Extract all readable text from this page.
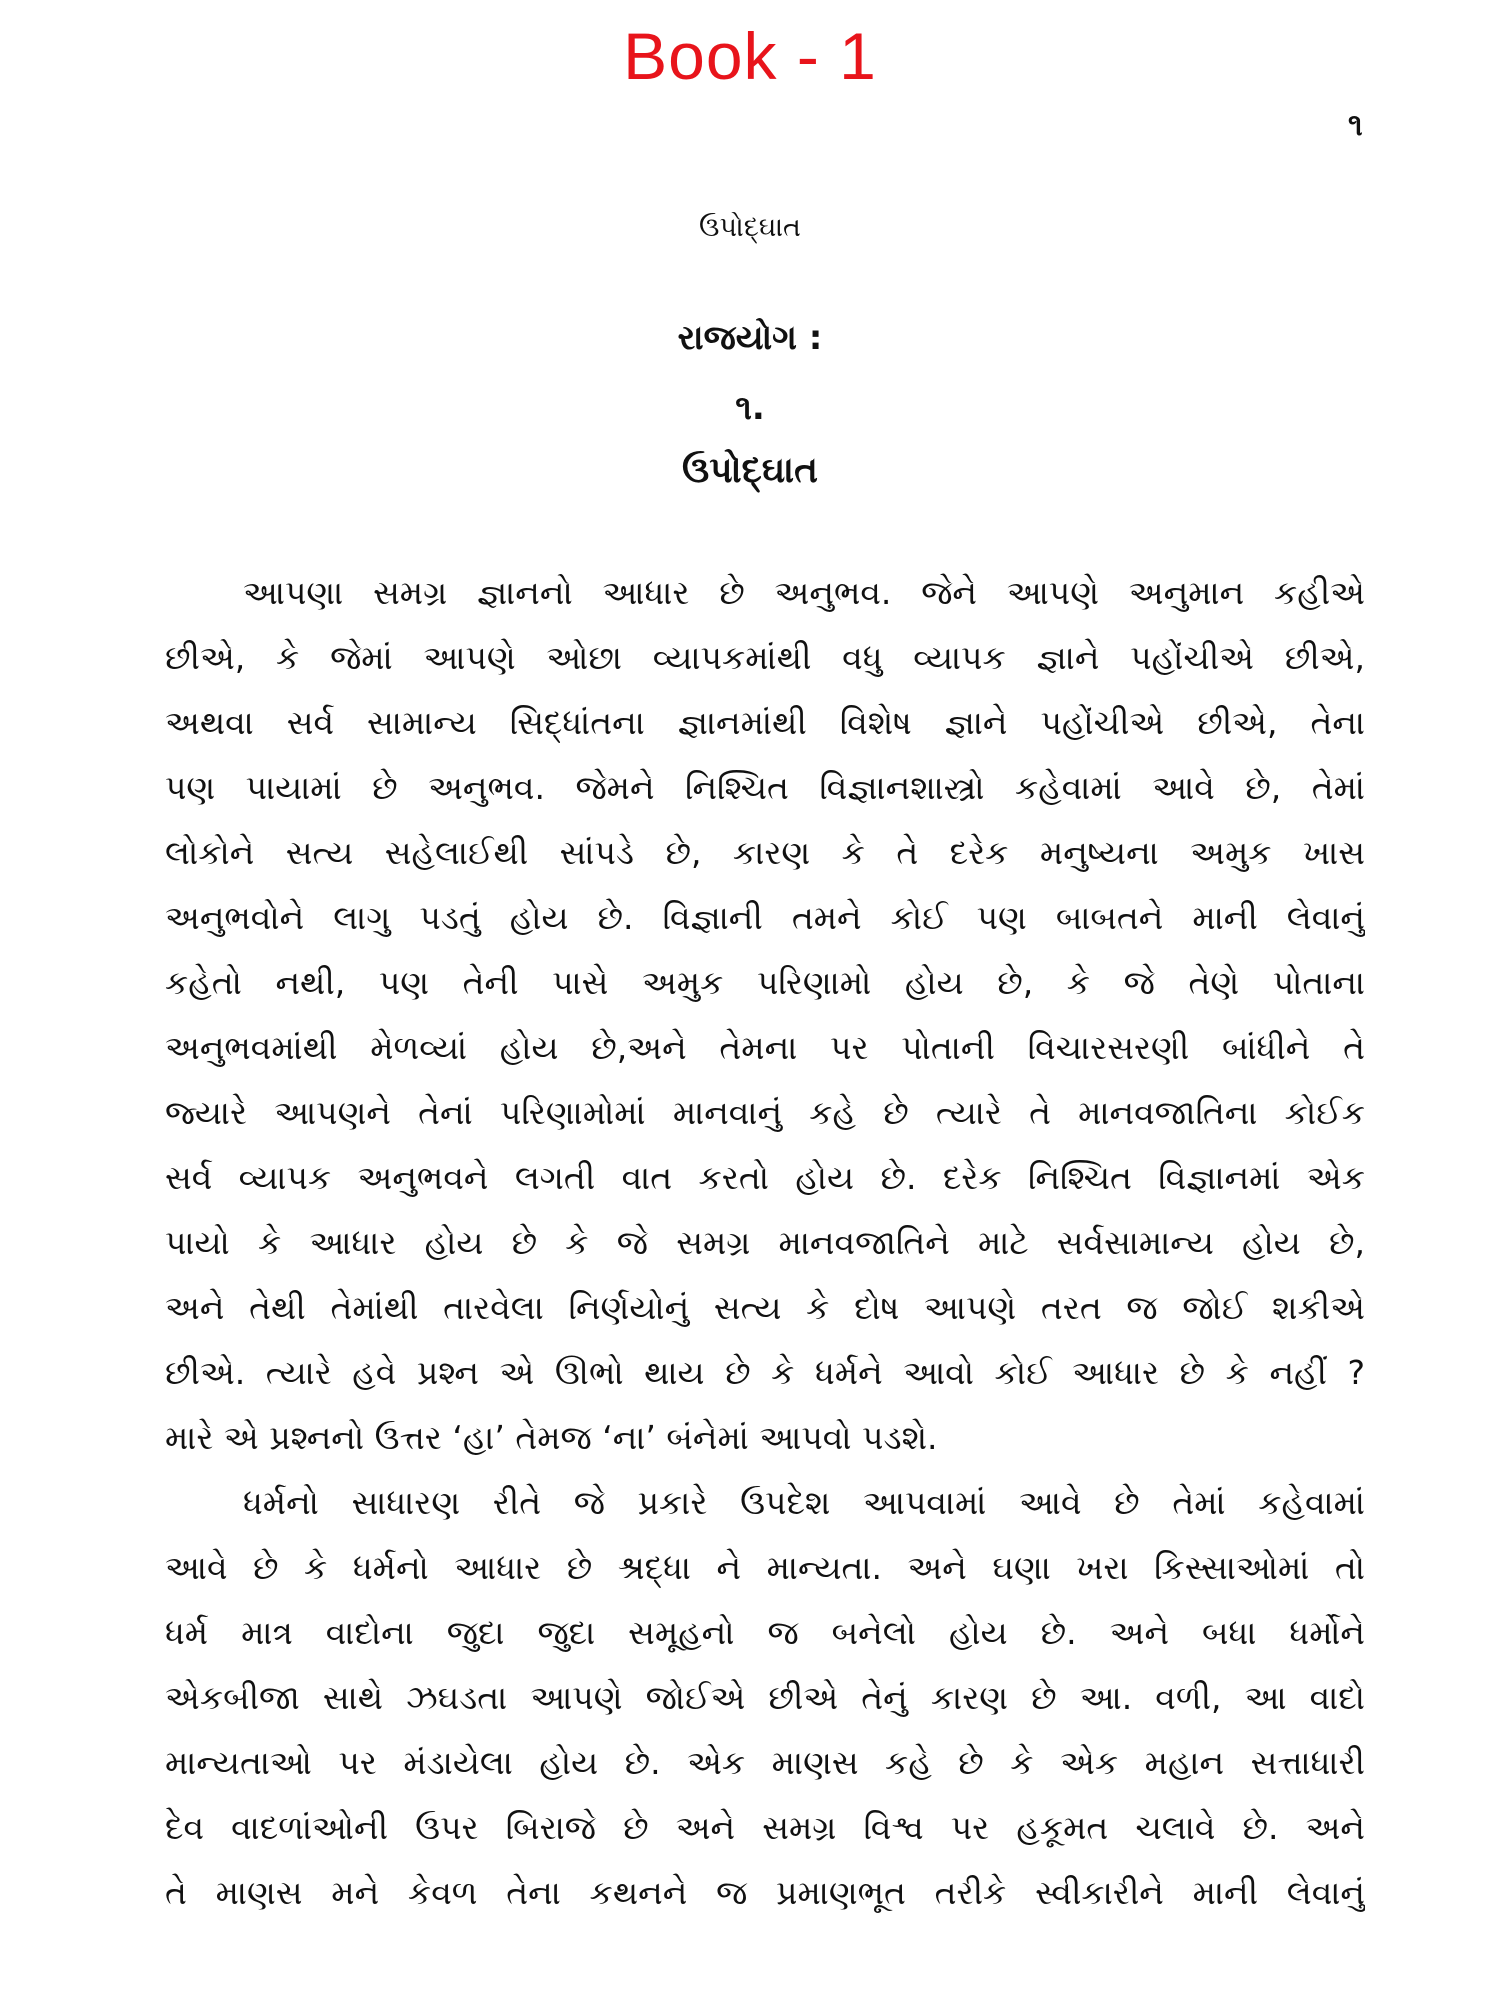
Book - 1
૧
ઉપોદ્‌ઘાત
રાજયોગ :
૧.
ઉપોદ્‌ઘાત
આપણા સમગ્ર જ્ઞાનનો આધાર છે અનુભવ. જેને આપણે અનુમાન કહીએ
છીએ, કે જેમાં આપણે ઓછા વ્યાપકમાંથી વધુ વ્યાપક જ્ઞાને પહોંચીએ છીએ,
અથવા સર્વ સામાન્ય સિદ્ધાંતના જ્ઞાનમાંથી વિશેષ જ્ઞાને પહોંચીએ છીએ, તેના
પણ પાયામાં છે અનુભવ. જેમને નિશ્ચિત વિજ્ઞાનશાસ્ત્રો કહેવામાં આવે છે, તેમાં
લોકોને સત્ય સહેલાઈથી સાંપડે છે, કારણ કે તે દરેક મનુષ્યના અમુક ખાસ
અનુભવોને લાગુ પડતું હોય છે. વિજ્ઞાની તમને કોઈ પણ બાબતને માની લેવાનું
કહેતો નથી, પણ તેની પાસે અમુક પરિણામો હોય છે, કે જે તેણે પોતાના
અનુભવમાંથી મેળવ્યાં હોય છે,અને તેમના પર પોતાની વિચારસરણી બાંધીને તે
જ્યારે આપણને તેનાં પરિણામોમાં માનવાનું કહે છે ત્યારે તે માનવજાતિના કોઈક
સર્વ વ્યાપક અનુભવને લગતી વાત કરતો હોય છે. દરેક નિશ્ચિત વિજ્ઞાનમાં એક
પાયો કે આધાર હોય છે કે જે સમગ્ર માનવજાતિને માટે સર્વસામાન્ય હોય છે,
અને તેથી તેમાંથી તારવેલા નિર્ણયોનું સત્ય કે દોષ આપણે તરત જ જોઈ શકીએ
છીએ. ત્યારે હવે પ્રશ્ન એ ઊભો થાય છે કે ધર્મને આવો કોઈ આધાર છે કે નહીં ?
મારે એ પ્રશ્નનો ઉત્તર ‘હા’ તેમજ ‘ના’ બંનેમાં આપવો પડશે.
ધર્મનો સાધારણ રીતે જે પ્રકારે ઉપદેશ આપવામાં આવે છે તેમાં કહેવામાં
આવે છે કે ધર્મનો આધાર છે શ્રદ્ધા ને માન્યતા. અને ઘણા ખરા કિસ્સાઓમાં તો
ધર્મ માત્ર વાદોના જુદા જુદા સમૂહનો જ બનેલો હોય છે. અને બધા ધર્મોને
એકબીજા સાથે ઝઘડતા આપણે જોઈએ છીએ તેનું કારણ છે આ. વળી, આ વાદો
માન્યતાઓ પર મંડાયેલા હોય છે. એક માણસ કહે છે કે એક મહાન સત્તાધારી
દેવ વાદળાંઓની ઉપર બિરાજે છે અને સમગ્ર વિશ્વ પર હકૂમત ચલાવે છે. અને
તે માણસ મને કેવળ તેના કથનને જ પ્રમાણભૂત તરીકે સ્વીકારીને માની લેવાનું
